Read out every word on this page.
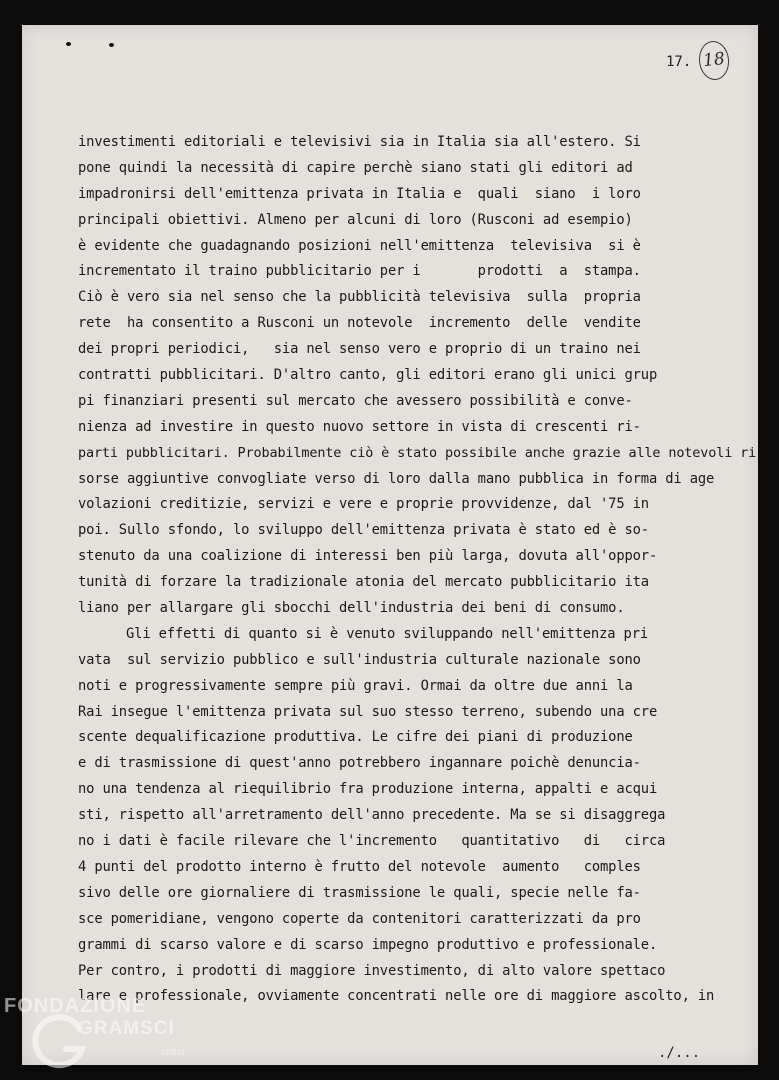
17. 18
investimenti editoriali e televisivi sia in Italia sia all'estero. Si
pone quindi la necessità di capire perchè siano stati gli editori ad
impadronirsi dell'emittenza privata in Italia e  quali  siano  i loro
principali obiettivi. Almeno per alcuni di loro (Rusconi ad esempio)
è evidente che guadagnando posizioni nell'emittenza  televisiva  si è
incrementato il traino pubblicitario per i       prodotti  a  stampa.
Ciò è vero sia nel senso che la pubblicità televisiva  sulla  propria
rete  ha consentito a Rusconi un notevole  incremento  delle  vendite
dei propri periodici,   sia nel senso vero e proprio di un traino nei
contratti pubblicitari. D'altro canto, gli editori erano gli unici grup
pi finanziari presenti sul mercato che avessero possibilità e conve-
nienza ad investire in questo nuovo settore in vista di crescenti ri-
parti pubblicitari. Probabilmente ciò è stato possibile anche grazie alle notevoli ri
sorse aggiuntive convogliate verso di loro dalla mano pubblica in forma di age
volazioni creditizie, servizi e vere e proprie provvidenze, dal '75 in
poi. Sullo sfondo, lo sviluppo dell'emittenza privata è stato ed è so-
stenuto da una coalizione di interessi ben più larga, dovuta all'oppor-
tunità di forzare la tradizionale atonia del mercato pubblicitario ita
liano per allargare gli sbocchi dell'industria dei beni di consumo.
Gli effetti di quanto si è venuto sviluppando nell'emittenza pri
vata  sul servizio pubblico e sull'industria culturale nazionale sono
noti e progressivamente sempre più gravi. Ormai da oltre due anni la
Rai insegue l'emittenza privata sul suo stesso terreno, subendo una cre
scente dequalificazione produttiva. Le cifre dei piani di produzione
e di trasmissione di quest'anno potrebbero ingannare poichè denuncia-
no una tendenza al riequilibrio fra produzione interna, appalti e acqui
sti, rispetto all'arretramento dell'anno precedente. Ma se si disaggrega
no i dati è facile rilevare che l'incremento   quantitativo   di   circa
4 punti del prodotto interno è frutto del notevole  aumento   comples
sivo delle ore giornaliere di trasmissione le quali, specie nelle fa-
sce pomeridiane, vengono coperte da contenitori caratterizzati da pro
grammi di scarso valore e di scarso impegno produttivo e professionale.
Per contro, i prodotti di maggiore investimento, di alto valore spettaco
lare e professionale, ovviamente concentrati nelle ore di maggiore ascolto, in
./...
FONDAZIONE
GRAMSCI
onlus
